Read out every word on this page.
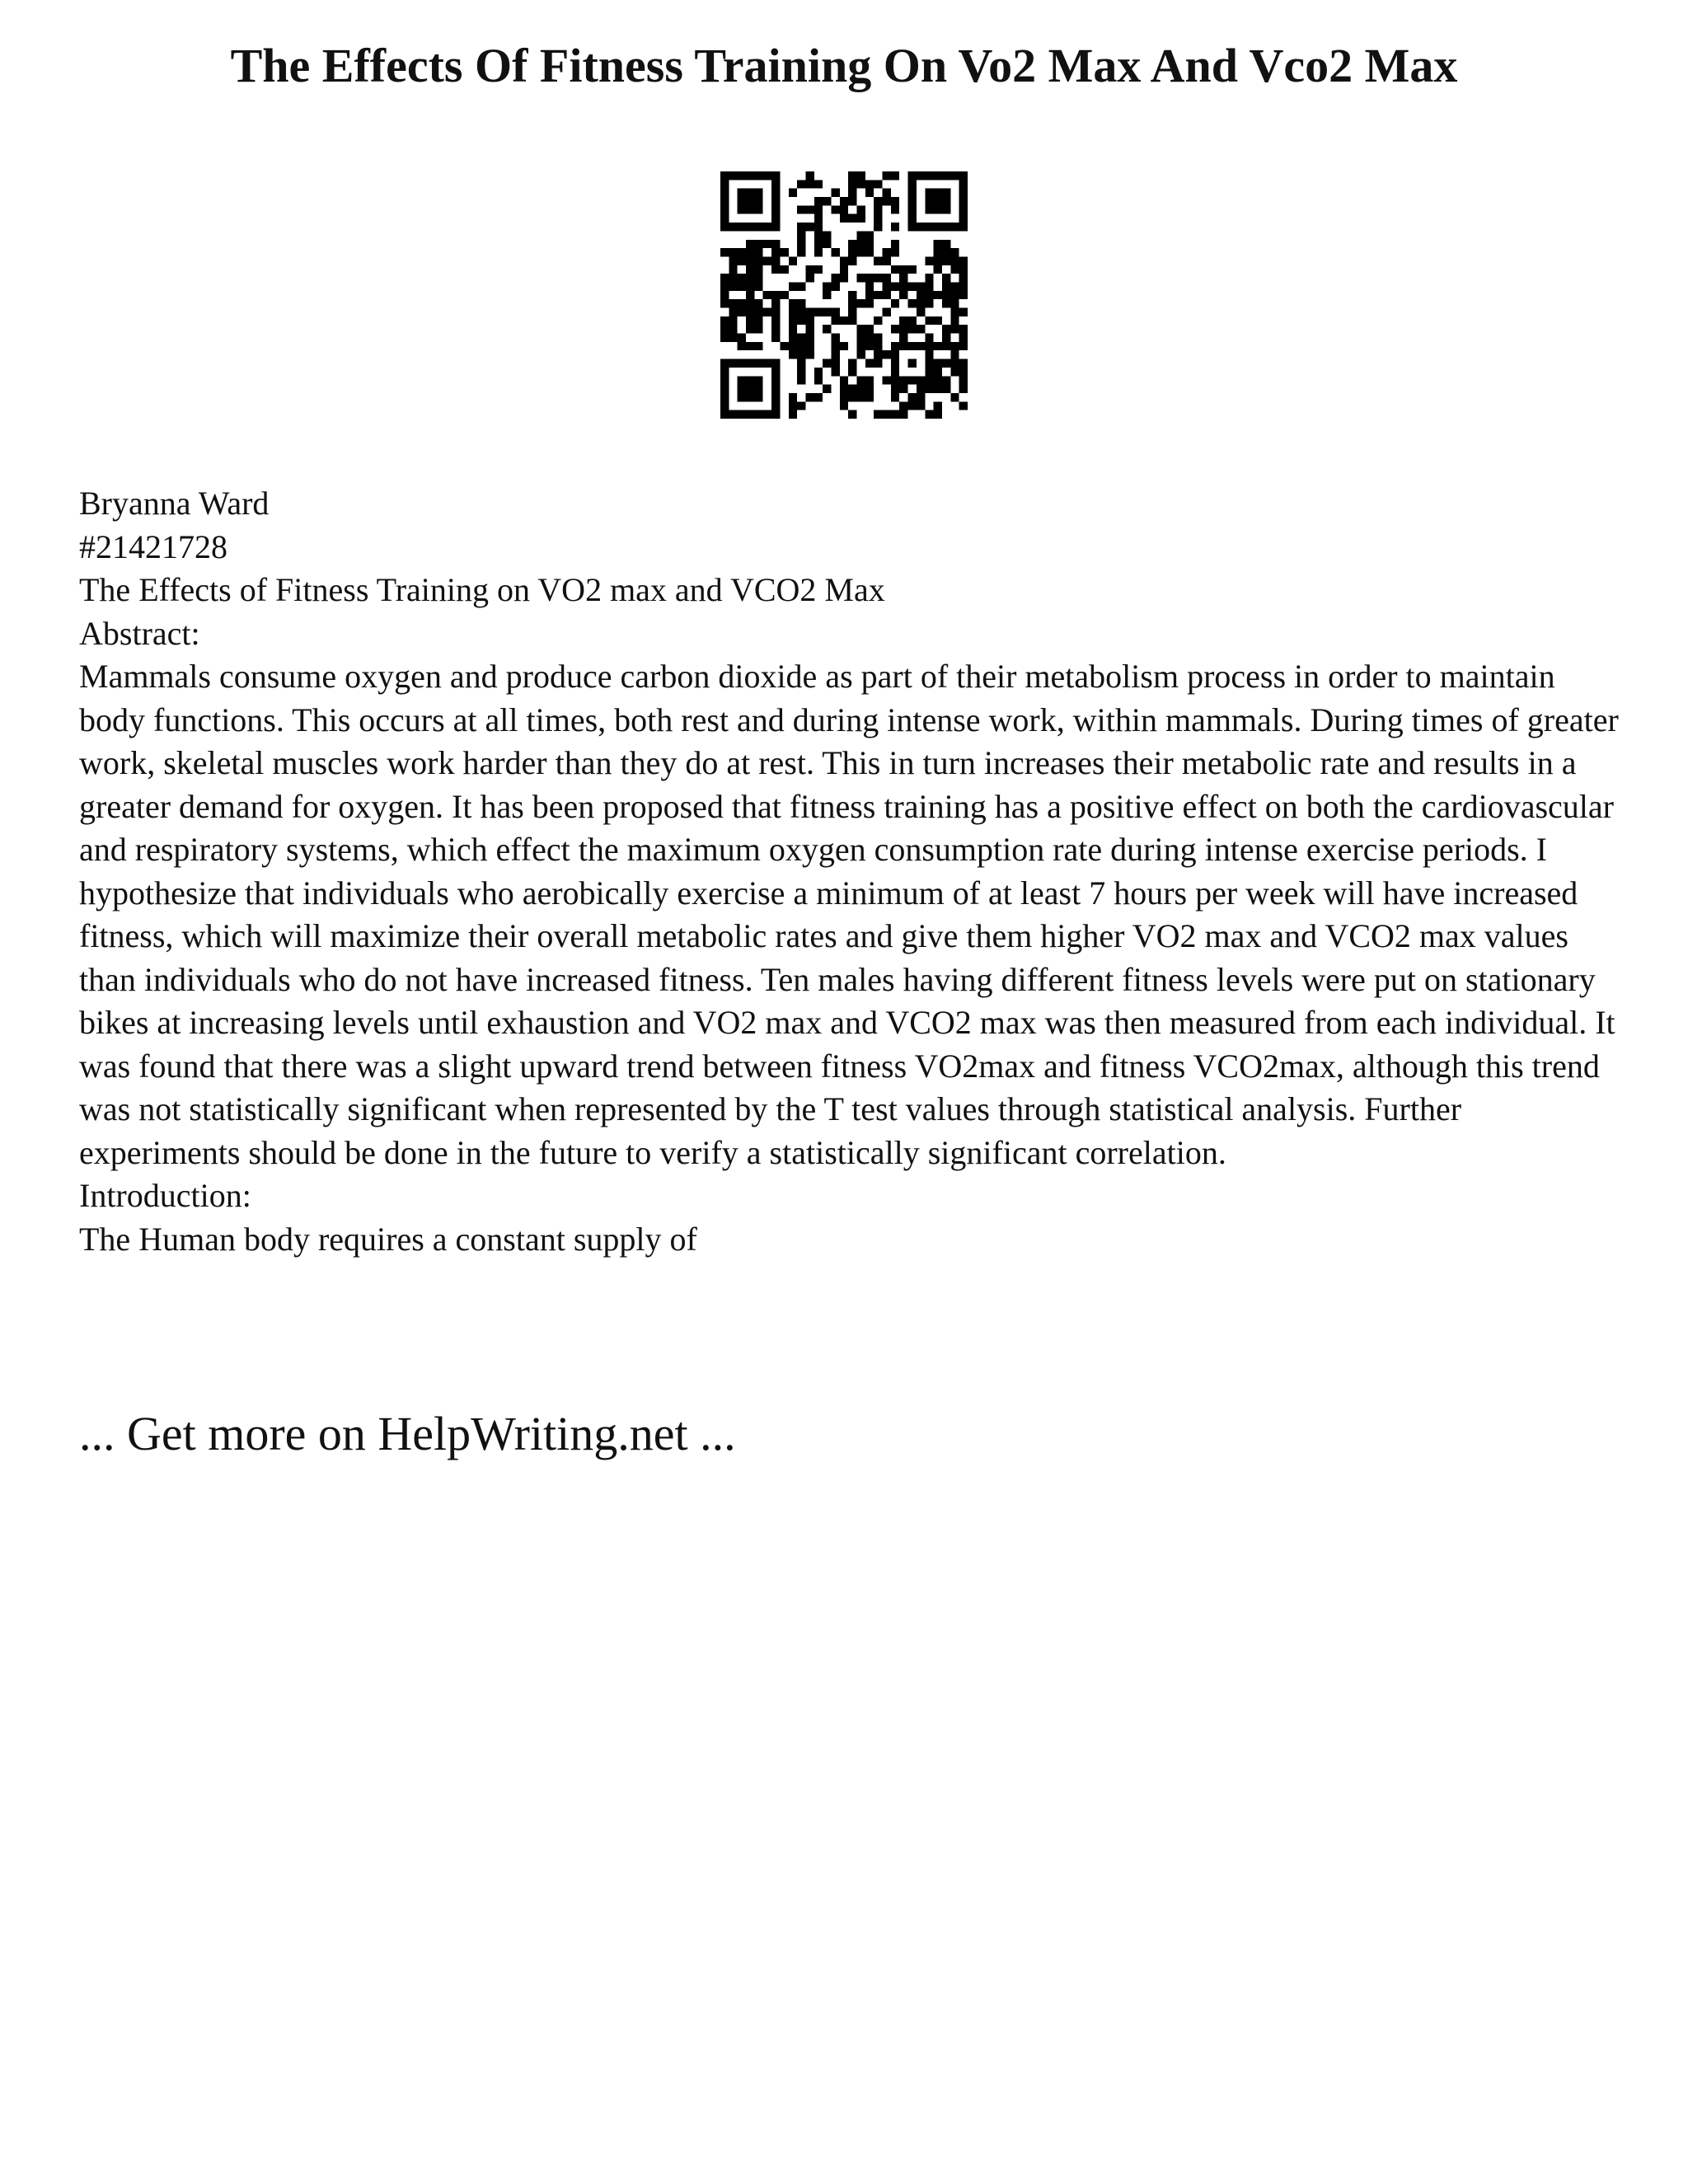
The Effects Of Fitness Training On Vo2 Max And Vco2 Max

Bryanna Ward

#21421728

The Effects of Fitness Training on VO2 max and VCO2 Max

Abstract:

Mammals consume oxygen and produce carbon dioxide as part of their metabolism process in order to maintain body functions. This occurs at all times, both rest and during intense work, within mammals. During times of greater work, skeletal muscles work harder than they do at rest. This in turn increases their metabolic rate and results in a greater demand for oxygen. It has been proposed that fitness training has a positive effect on both the cardiovascular and respiratory systems, which effect the maximum oxygen consumption rate during intense exercise periods. I hypothesize that individuals who aerobically exercise a minimum of at least 7 hours per week will have increased fitness, which will maximize their overall metabolic rates and give them higher VO2 max and VCO2 max values than individuals who do not have increased fitness. Ten males having different fitness levels were put on stationary bikes at increasing levels until exhaustion and VO2 max and VCO2 max was then measured from each individual. It was found that there was a slight upward trend between fitness VO2max and fitness VCO2max, although this trend was not statistically significant when represented by the T test values through statistical analysis. Further experiments should be done in the future to verify a statistically significant correlation.

Introduction:

The Human body requires a constant supply of

... Get more on HelpWriting.net ...
